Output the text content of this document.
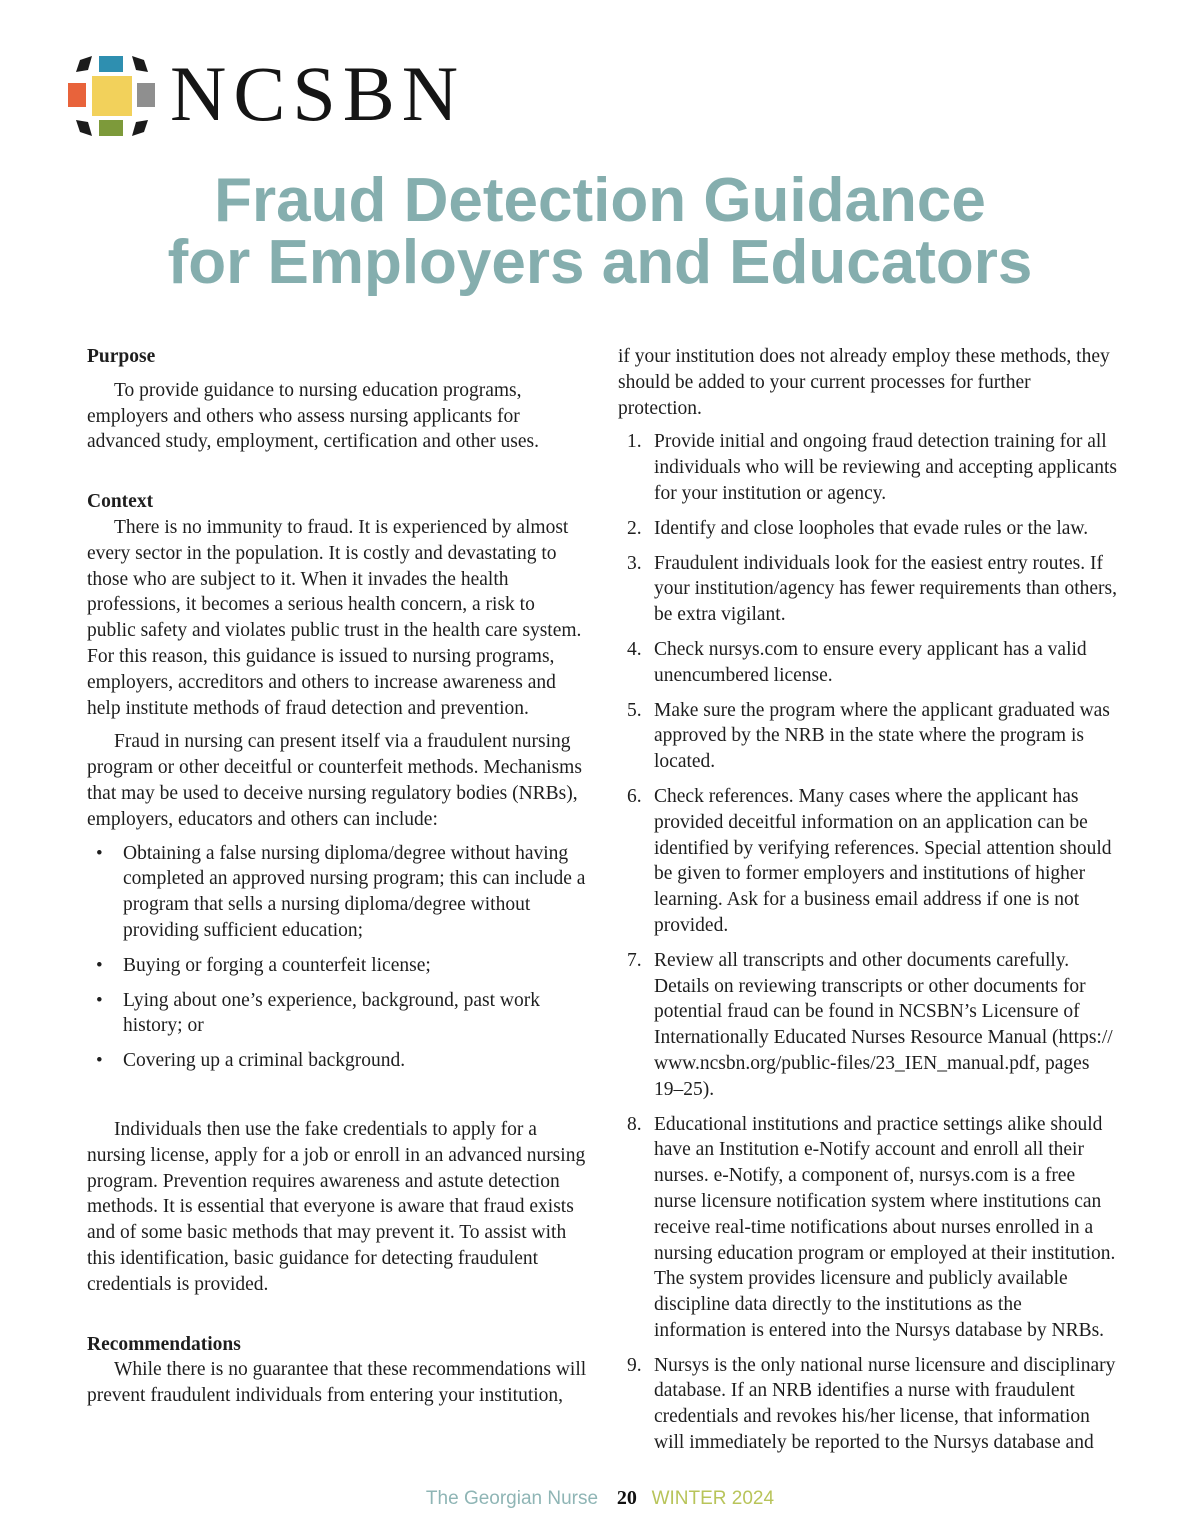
NCSBN
Fraud Detection Guidance
for Employers and Educators
Purpose

To provide guidance to nursing education programs, employers and others who assess nursing applicants for advanced study, employment, certification and other uses.

Context

There is no immunity to fraud. It is experienced by almost every sector in the population. It is costly and devastating to those who are subject to it. When it invades the health professions, it becomes a serious health concern, a risk to public safety and violates public trust in the health care system. For this reason, this guidance is issued to nursing programs, employers, accreditors and others to increase awareness and help institute methods of fraud detection and prevention.

Fraud in nursing can present itself via a fraudulent nursing program or other deceitful or counterfeit methods. Mechanisms that may be used to deceive nursing regulatory bodies (NRBs), employers, educators and others can include:

• Obtaining a false nursing diploma/degree without having completed an approved nursing program; this can include a program that sells a nursing diploma/degree without providing sufficient education;
• Buying or forging a counterfeit license;
• Lying about one’s experience, background, past work history; or
• Covering up a criminal background.

Individuals then use the fake credentials to apply for a nursing license, apply for a job or enroll in an advanced nursing program. Prevention requires awareness and astute detection methods. It is essential that everyone is aware that fraud exists and of some basic methods that may prevent it. To assist with this identification, basic guidance for detecting fraudulent credentials is provided.

Recommendations

While there is no guarantee that these recommendations will prevent fraudulent individuals from entering your institution,

if your institution does not already employ these methods, they should be added to your current processes for further protection.

1. Provide initial and ongoing fraud detection training for all individuals who will be reviewing and accepting applicants for your institution or agency.
2. Identify and close loopholes that evade rules or the law.
3. Fraudulent individuals look for the easiest entry routes. If your institution/agency has fewer requirements than others, be extra vigilant.
4. Check nursys.com to ensure every applicant has a valid unencumbered license.
5. Make sure the program where the applicant graduated was approved by the NRB in the state where the program is located.
6. Check references. Many cases where the applicant has provided deceitful information on an application can be identified by verifying references. Special attention should be given to former employers and institutions of higher learning. Ask for a business email address if one is not provided.
7. Review all transcripts and other documents carefully. Details on reviewing transcripts or other documents for potential fraud can be found in NCSBN’s Licensure of Internationally Educated Nurses Resource Manual (https:// www.ncsbn.org/public-files/23_IEN_manual.pdf, pages 19–25).
8. Educational institutions and practice settings alike should have an Institution e-Notify account and enroll all their nurses. e-Notify, a component of, nursys.com is a free nurse licensure notification system where institutions can receive real-time notifications about nurses enrolled in a nursing education program or employed at their institution. The system provides licensure and publicly available discipline data directly to the institutions as the information is entered into the Nursys database by NRBs.
9. Nursys is the only national nurse licensure and disciplinary database. If an NRB identifies a nurse with fraudulent credentials and revokes his/her license, that information will immediately be reported to the Nursys database and
The Georgian Nurse 20 WINTER 2024
